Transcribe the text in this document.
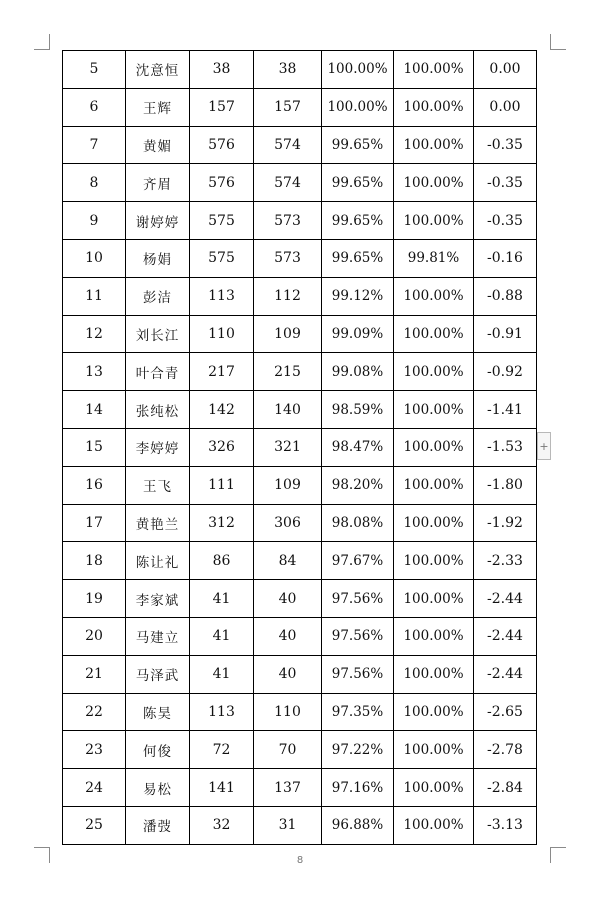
5	沈意恒	38	38	100.00%	100.00%	0.00
6	王辉	157	157	100.00%	100.00%	0.00
7	黄媚	576	574	99.65%	100.00%	-0.35
8	齐眉	576	574	99.65%	100.00%	-0.35
9	谢婷婷	575	573	99.65%	100.00%	-0.35
10	杨娟	575	573	99.65%	99.81%	-0.16
11	彭洁	113	112	99.12%	100.00%	-0.88
12	刘长江	110	109	99.09%	100.00%	-0.91
13	叶合青	217	215	99.08%	100.00%	-0.92
14	张纯松	142	140	98.59%	100.00%	-1.41
15	李婷婷	326	321	98.47%	100.00%	-1.53
16	王飞	111	109	98.20%	100.00%	-1.80
17	黄艳兰	312	306	98.08%	100.00%	-1.92
18	陈让礼	86	84	97.67%	100.00%	-2.33
19	李家斌	41	40	97.56%	100.00%	-2.44
20	马建立	41	40	97.56%	100.00%	-2.44
21	马泽武	41	40	97.56%	100.00%	-2.44
22	陈昊	113	110	97.35%	100.00%	-2.65
23	何俊	72	70	97.22%	100.00%	-2.78
24	易松	141	137	97.16%	100.00%	-2.84
25	潘弢	32	31	96.88%	100.00%	-3.13
+
8
